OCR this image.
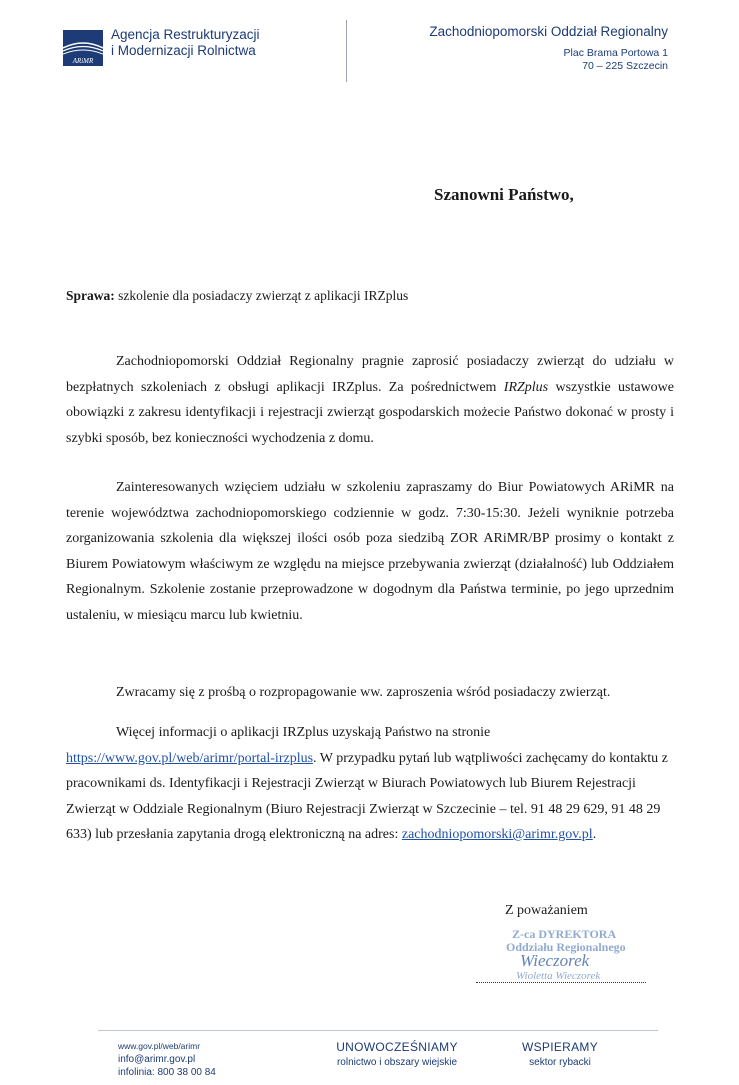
ARiMR
Agencja Restrukturyzacji
i Modernizacji Rolnictwa
Zachodniopomorski Oddział Regionalny
Plac Brama Portowa 1
70 – 225 Szczecin
Szanowni Państwo,
Sprawa: szkolenie dla posiadaczy zwierząt z aplikacji IRZplus
Zachodniopomorski Oddział Regionalny pragnie zaprosić posiadaczy zwierząt do udziału w bezpłatnych szkoleniach z obsługi aplikacji IRZplus. Za pośrednictwem IRZplus wszystkie ustawowe obowiązki z zakresu identyfikacji i rejestracji zwierząt gospodarskich możecie Państwo dokonać w prosty i szybki sposób, bez konieczności wychodzenia z domu.
Zainteresowanych wzięciem udziału w szkoleniu zapraszamy do Biur Powiatowych ARiMR na terenie województwa zachodniopomorskiego codziennie w godz. 7:30-15:30. Jeżeli wyniknie potrzeba zorganizowania szkolenia dla większej ilości osób poza siedzibą ZOR ARiMR/BP prosimy o kontakt z Biurem Powiatowym właściwym ze względu na miejsce przebywania zwierząt (działalność) lub Oddziałem Regionalnym. Szkolenie zostanie przeprowadzone w dogodnym dla Państwa terminie, po jego uprzednim ustaleniu, w miesiącu marcu lub kwietniu.
Zwracamy się z prośbą o rozpropagowanie ww. zaproszenia wśród posiadaczy zwierząt.
Więcej informacji o aplikacji IRZplus uzyskają Państwo na stronie
https://www.gov.pl/web/arimr/portal-irzplus. W przypadku pytań lub wątpliwości zachęcamy do kontaktu z pracownikami ds. Identyfikacji i Rejestracji Zwierząt w Biurach Powiatowych lub Biurem Rejestracji Zwierząt w Oddziale Regionalnym (Biuro Rejestracji Zwierząt w Szczecinie – tel. 91 48 29 629, 91 48 29 633) lub przesłania zapytania drogą elektroniczną na adres: zachodniopomorski@arimr.gov.pl.
Z poważaniem
Z-ca DYREKTORA
Oddziału Regionalnego
Wieczorek
Wioletta Wieczorek
www.gov.pl/web/arimr
info@arimr.gov.pl
infolinia: 800 38 00 84
UNOWOCZEŚNIAMY
rolnictwo i obszary wiejskie
WSPIERAMY
sektor rybacki
